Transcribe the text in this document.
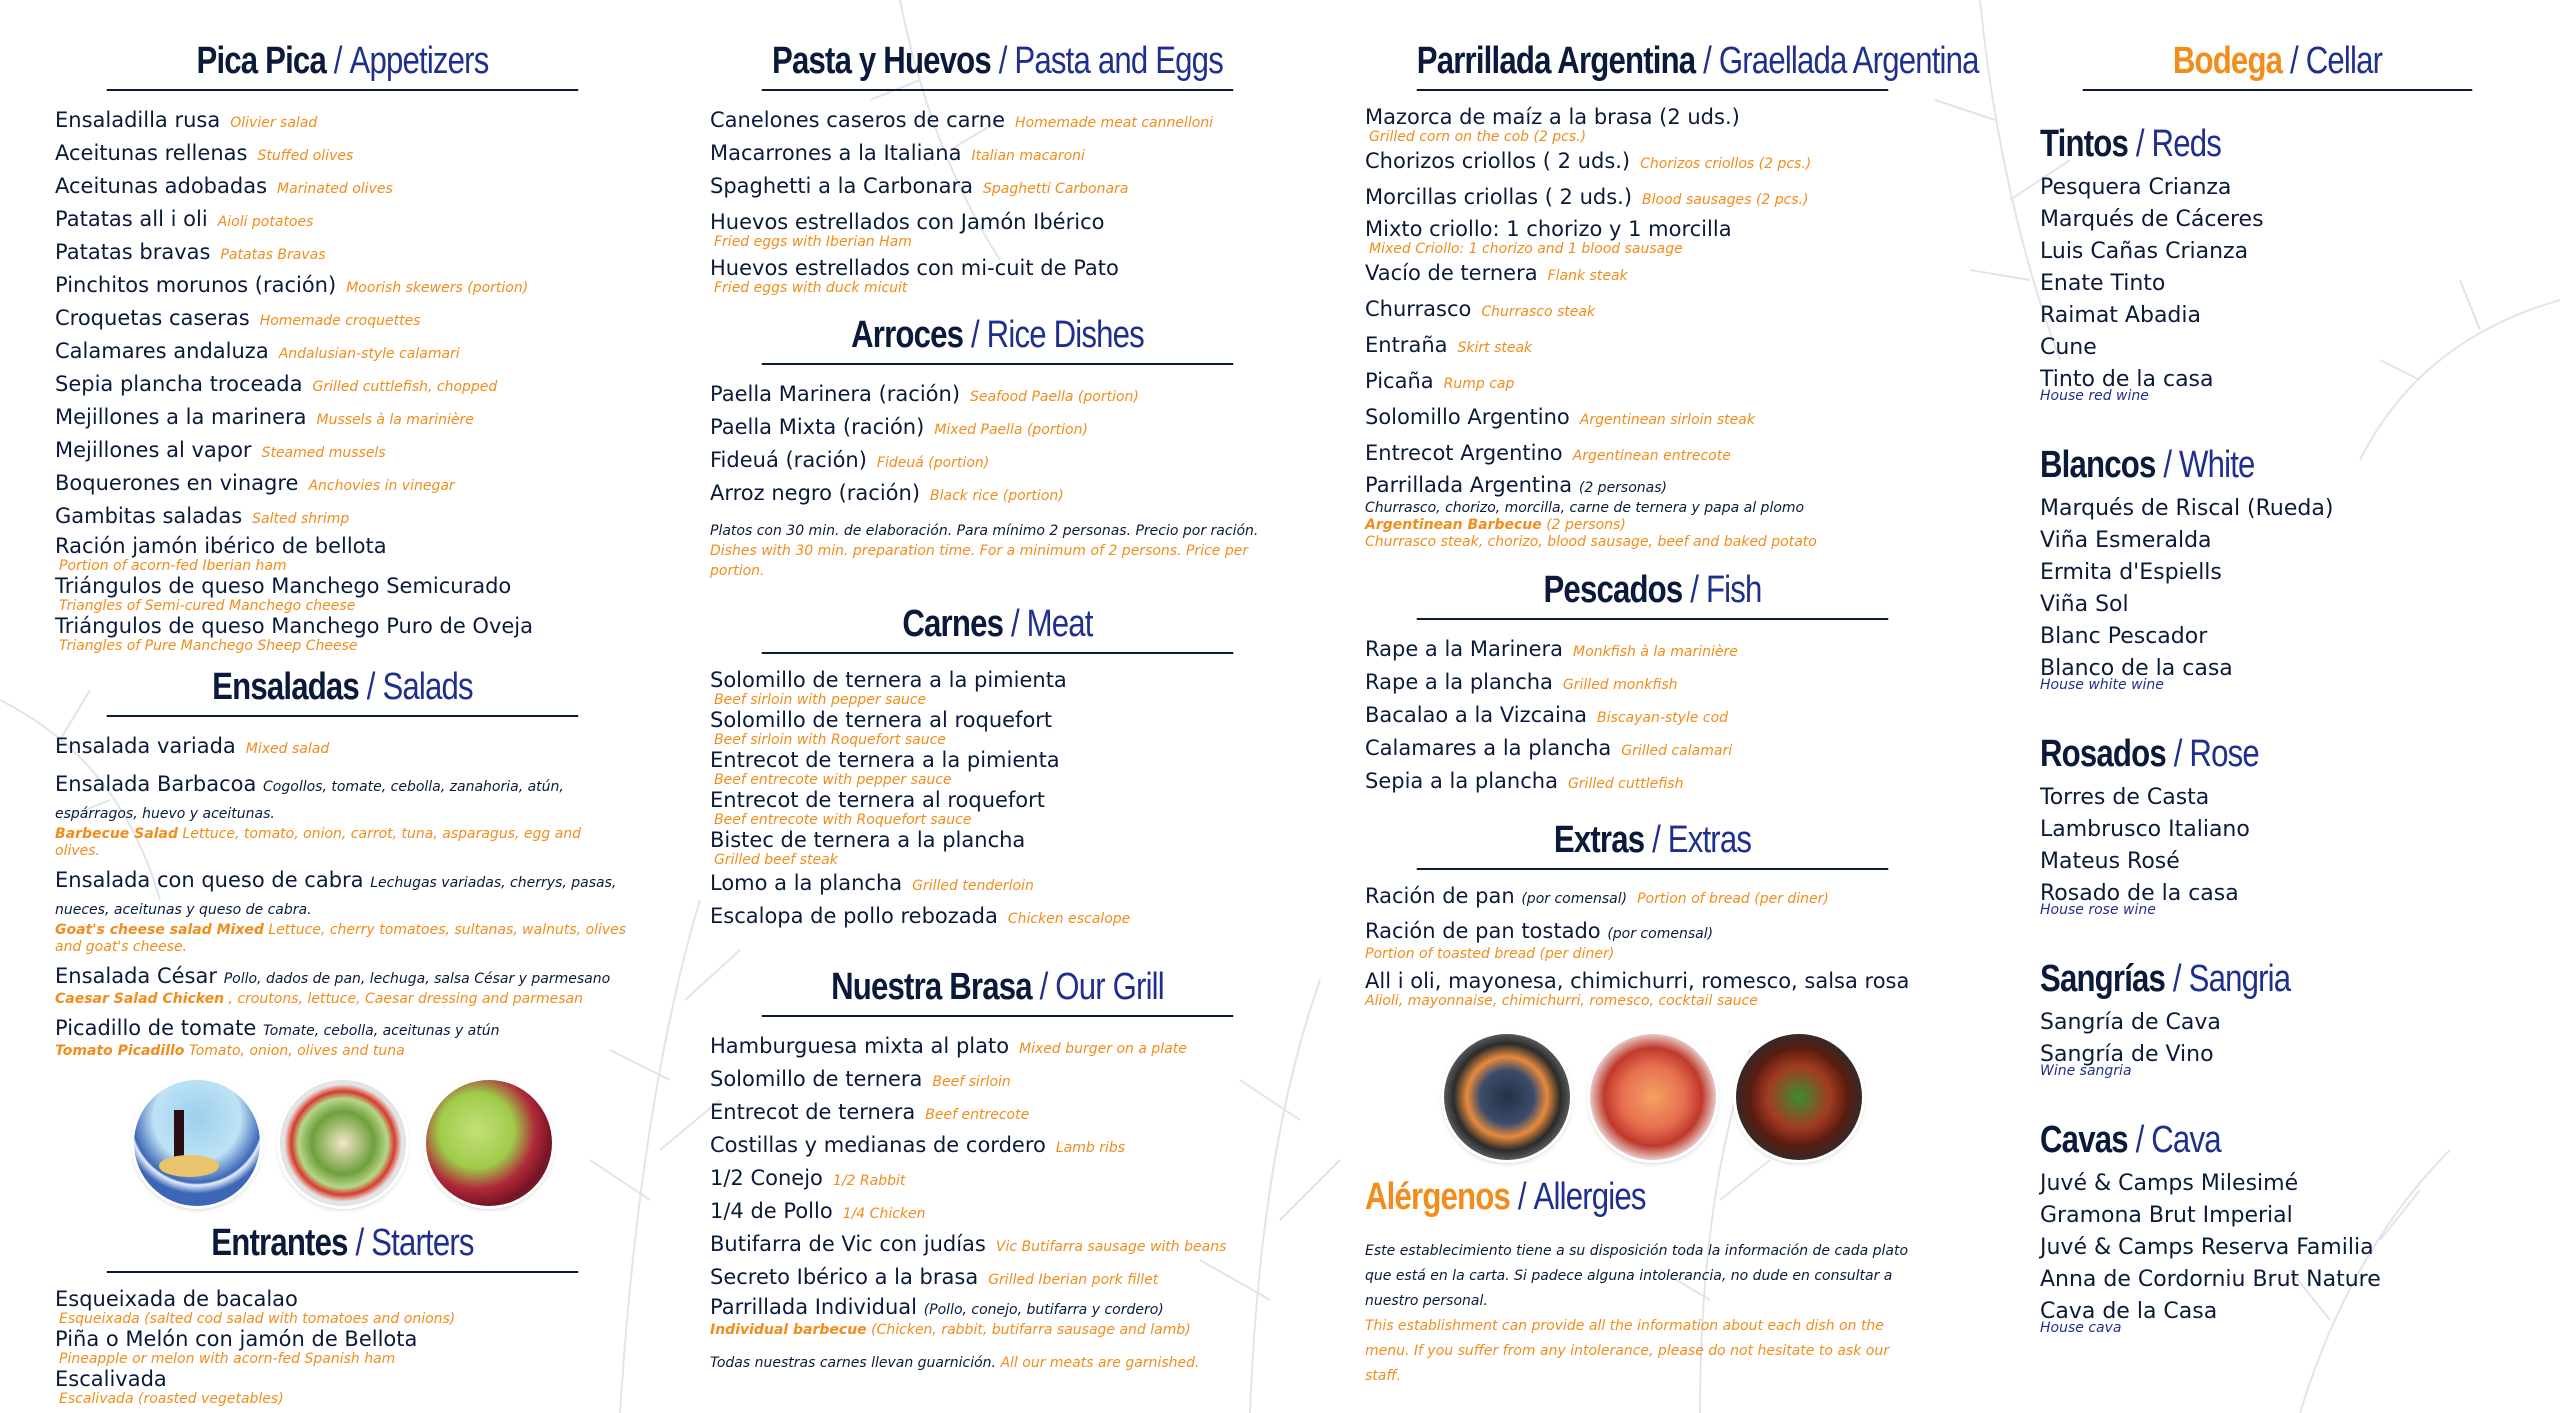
Pica Pica / Appetizers
Ensaladilla rusa Olivier salad
Aceitunas rellenas Stuffed olives
Aceitunas adobadas Marinated olives
Patatas all i oli Aioli potatoes
Patatas bravas Patatas Bravas
Pinchitos morunos (ración) Moorish skewers (portion)
Croquetas caseras Homemade croquettes
Calamares andaluza Andalusian-style calamari
Sepia plancha troceada Grilled cuttlefish, chopped
Mejillones a la marinera Mussels à la marinière
Mejillones al vapor Steamed mussels
Boquerones en vinagre Anchovies in vinegar
Gambitas saladas Salted shrimp
Ración jamón ibérico de bellota
Portion of acorn-fed Iberian ham
Triángulos de queso Manchego Semicurado
Triangles of Semi-cured Manchego cheese
Triángulos de queso Manchego Puro de Oveja
Triangles of Pure Manchego Sheep Cheese
Ensaladas / Salads
Ensalada variada Mixed salad
Ensalada Barbacoa Cogollos, tomate, cebolla, zanahoria, atún, espárragos, huevo y aceitunas.
Barbecue Salad Lettuce, tomato, onion, carrot, tuna, asparagus, egg and olives.
Ensalada con queso de cabra Lechugas variadas, cherrys, pasas, nueces, aceitunas y queso de cabra.
Goat's cheese salad Mixed Lettuce, cherry tomatoes, sultanas, walnuts, olives and goat's cheese.
Ensalada César Pollo, dados de pan, lechuga, salsa César y parmesano
Caesar Salad Chicken , croutons, lettuce, Caesar dressing and parmesan
Picadillo de tomate Tomate, cebolla, aceitunas y atún
Tomato Picadillo Tomato, onion, olives and tuna
Entrantes / Starters
Esqueixada de bacalao
Esqueixada (salted cod salad with tomatoes and onions)
Piña o Melón con jamón de Bellota
Pineapple or melon with acorn-fed Spanish ham
Escalivada
Escalivada (roasted vegetables)
Pasta y Huevos / Pasta and Eggs
Canelones caseros de carne Homemade meat cannelloni
Macarrones a la Italiana Italian macaroni
Spaghetti a la Carbonara Spaghetti Carbonara
Huevos estrellados con Jamón Ibérico
Fried eggs with Iberian Ham
Huevos estrellados con mi-cuit de Pato
Fried eggs with duck micuit
Arroces / Rice Dishes
Paella Marinera (ración) Seafood Paella (portion)
Paella Mixta (ración) Mixed Paella (portion)
Fideuá (ración) Fideuá (portion)
Arroz negro (ración) Black rice (portion)
Platos con 30 min. de elaboración. Para mínimo 2 personas. Precio por ración.
Dishes with 30 min. preparation time. For a minimum of 2 persons. Price per portion.
Carnes / Meat
Solomillo de ternera a la pimienta
Beef sirloin with pepper sauce
Solomillo de ternera al roquefort
Beef sirloin with Roquefort sauce
Entrecot de ternera a la pimienta
Beef entrecote with pepper sauce
Entrecot de ternera al roquefort
Beef entrecote with Roquefort sauce
Bistec de ternera a la plancha
Grilled beef steak
Lomo a la plancha Grilled tenderloin
Escalopa de pollo rebozada Chicken escalope
Nuestra Brasa / Our Grill
Hamburguesa mixta al plato Mixed burger on a plate
Solomillo de ternera Beef sirloin
Entrecot de ternera Beef entrecote
Costillas y medianas de cordero Lamb ribs
1/2 Conejo 1/2 Rabbit
1/4 de Pollo 1/4 Chicken
Butifarra de Vic con judías Vic Butifarra sausage with beans
Secreto Ibérico a la brasa Grilled Iberian pork fillet
Parrillada Individual (Pollo, conejo, butifarra y cordero)
Individual barbecue (Chicken, rabbit, butifarra sausage and lamb)
Todas nuestras carnes llevan guarnición. All our meats are garnished.
Parrillada Argentina / Graellada Argentina
Mazorca de maíz a la brasa (2 uds.)
Grilled corn on the cob (2 pcs.)
Chorizos criollos ( 2 uds.) Chorizos criollos (2 pcs.)
Morcillas criollas ( 2 uds.) Blood sausages (2 pcs.)
Mixto criollo: 1 chorizo y 1 morcilla
Mixed Criollo: 1 chorizo and 1 blood sausage
Vacío de ternera Flank steak
Churrasco Churrasco steak
Entraña Skirt steak
Picaña Rump cap
Solomillo Argentino Argentinean sirloin steak
Entrecot Argentino Argentinean entrecote
Parrillada Argentina (2 personas)
Churrasco, chorizo, morcilla, carne de ternera y papa al plomo
Argentinean Barbecue (2 persons)
Churrasco steak, chorizo, blood sausage, beef and baked potato
Pescados / Fish
Rape a la Marinera Monkfish à la marinière
Rape a la plancha Grilled monkfish
Bacalao a la Vizcaina Biscayan-style cod
Calamares a la plancha Grilled calamari
Sepia a la plancha Grilled cuttlefish
Extras / Extras
Ración de pan (por comensal) Portion of bread (per diner)
Ración de pan tostado (por comensal)
Portion of toasted bread (per diner)
All i oli, mayonesa, chimichurri, romesco, salsa rosa
Alioli, mayonnaise, chimichurri, romesco, cocktail sauce
Alérgenos / Allergies
Este establecimiento tiene a su disposición toda la información de cada plato que está en la carta. Si padece alguna intolerancia, no dude en consultar a nuestro personal.
This establishment can provide all the information about each dish on the menu. If you suffer from any intolerance, please do not hesitate to ask our staff.
Bodega / Cellar
Tintos / Reds
Pesquera Crianza
Marqués de Cáceres
Luis Cañas Crianza
Enate Tinto
Raimat Abadia
Cune
Tinto de la casa
House red wine
Blancos / White
Marqués de Riscal (Rueda)
Viña Esmeralda
Ermita d'Espiells
Viña Sol
Blanc Pescador
Blanco de la casa
House white wine
Rosados / Rose
Torres de Casta
Lambrusco Italiano
Mateus Rosé
Rosado de la casa
House rose wine
Sangrías / Sangria
Sangría de Cava
Sangría de Vino
Wine sangria
Cavas / Cava
Juvé & Camps Milesimé
Gramona Brut Imperial
Juvé & Camps Reserva Familia
Anna de Cordorniu Brut Nature
Cava de la Casa
House cava
